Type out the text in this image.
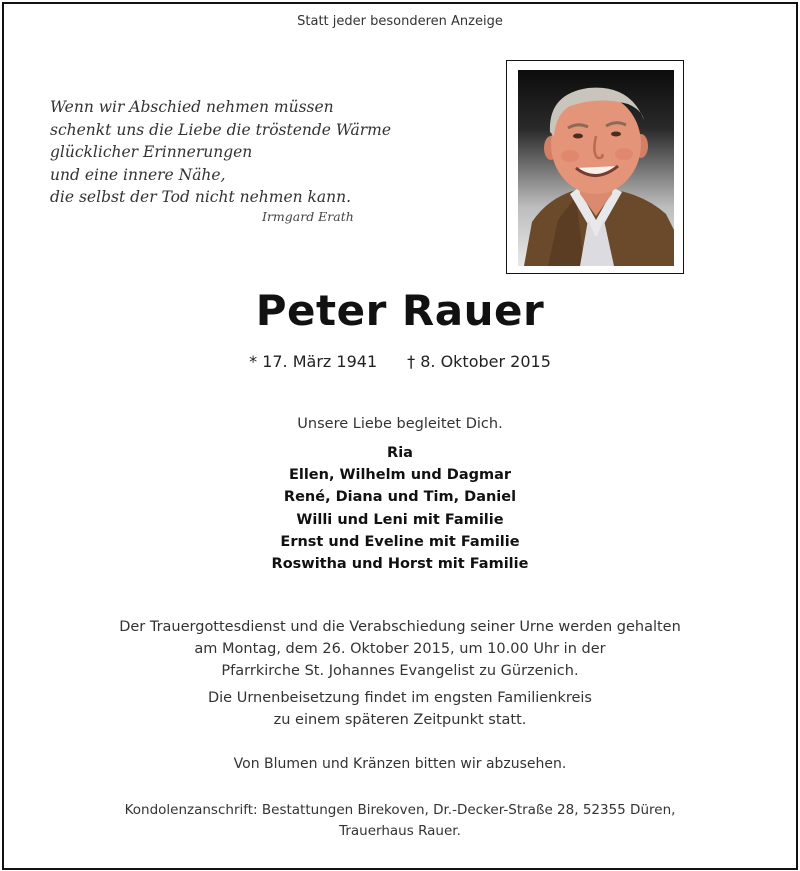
Statt jeder besonderen Anzeige
Wenn wir Abschied nehmen müssen
schenkt uns die Liebe die tröstende Wärme
glücklicher Erinnerungen
und eine innere Nähe,
die selbst der Tod nicht nehmen kann.
Irmgard Erath
Peter Rauer
* 17. März 1941 † 8. Oktober 2015
Unsere Liebe begleitet Dich.
Ria
Ellen, Wilhelm und Dagmar
René, Diana und Tim, Daniel
Willi und Leni mit Familie
Ernst und Eveline mit Familie
Roswitha und Horst mit Familie
Der Trauergottesdienst und die Verabschiedung seiner Urne werden gehalten
am Montag, dem 26. Oktober 2015, um 10.00 Uhr in der
Pfarrkirche St. Johannes Evangelist zu Gürzenich.
Die Urnenbeisetzung findet im engsten Familienkreis
zu einem späteren Zeitpunkt statt.
Von Blumen und Kränzen bitten wir abzusehen.
Kondolenzanschrift: Bestattungen Birekoven, Dr.-Decker-Straße 28, 52355 Düren,
Trauerhaus Rauer.
